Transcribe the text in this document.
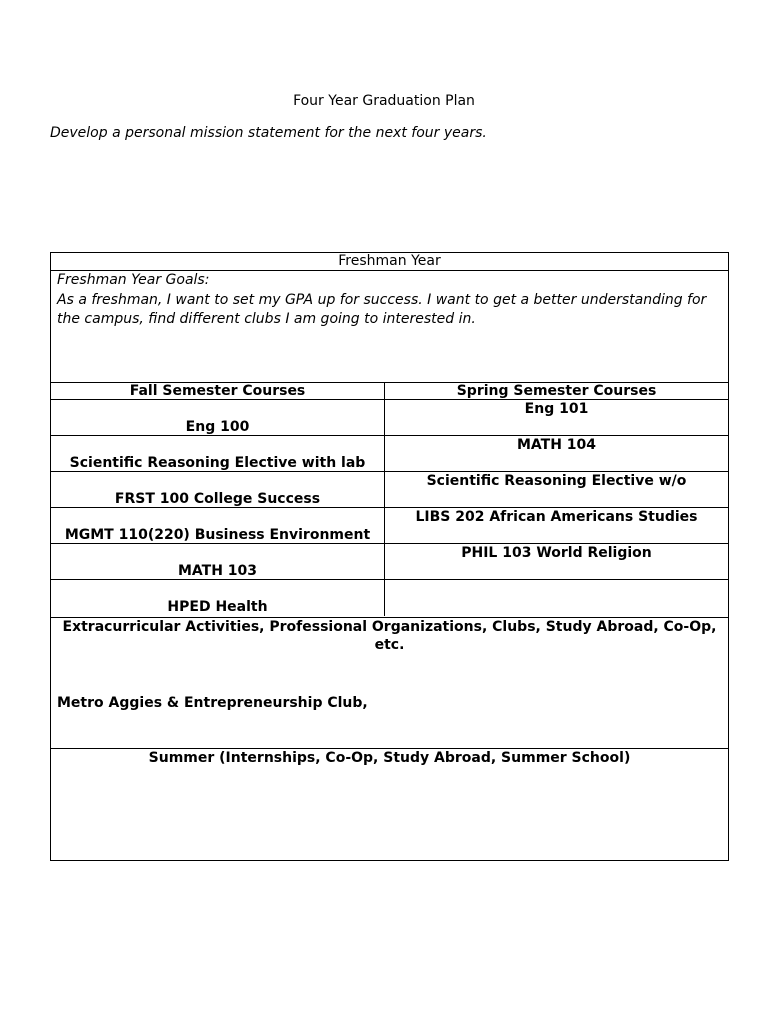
Four Year Graduation Plan
Develop a personal mission statement for the next four years.
Freshman Year
Freshman Year Goals:
As a freshman, I want to set my GPA up for success. I want to get a better understanding for the campus, find different clubs I am going to interested in.
Fall Semester Courses	Spring Semester Courses
Eng 100
Eng 101
Scientific Reasoning Elective with lab
MATH 104
FRST 100 College Success
Scientific Reasoning Elective w/o
MGMT 110(220) Business Environment
LIBS 202 African Americans Studies
MATH 103
PHIL 103 World Religion
HPED Health
Extracurricular Activities, Professional Organizations, Clubs, Study Abroad, Co-Op, etc.
Metro Aggies & Entrepreneurship Club,
Summer (Internships, Co-Op, Study Abroad, Summer School)
